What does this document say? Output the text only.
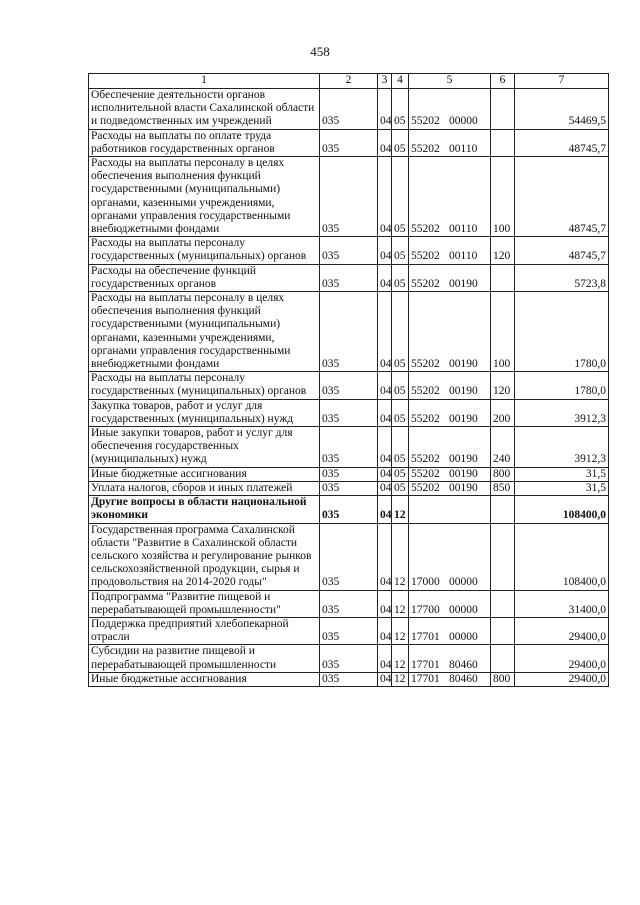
458
1	2	3	4	5	6	7
Обеспечение деятельности органов исполнительной власти Сахалинской области и подведомственных им учреждений	035	04	05	55202 00000		54469,5
Расходы на выплаты по оплате труда работников государственных органов	035	04	05	55202 00110		48745,7
Расходы на выплаты персоналу в целях обеспечения выполнения функций государственными (муниципальными) органами, казенными учреждениями, органами управления государственными внебюджетными фондами	035	04	05	55202 00110	100	48745,7
Расходы на выплаты персоналу государственных (муниципальных) органов	035	04	05	55202 00110	120	48745,7
Расходы на обеспечение функций государственных органов	035	04	05	55202 00190		5723,8
Расходы на выплаты персоналу в целях обеспечения выполнения функций государственными (муниципальными) органами, казенными учреждениями, органами управления государственными внебюджетными фондами	035	04	05	55202 00190	100	1780,0
Расходы на выплаты персоналу государственных (муниципальных) органов	035	04	05	55202 00190	120	1780,0
Закупка товаров, работ и услуг для государственных (муниципальных) нужд	035	04	05	55202 00190	200	3912,3
Иные закупки товаров, работ и услуг для обеспечения государственных (муниципальных) нужд	035	04	05	55202 00190	240	3912,3
Иные бюджетные ассигнования	035	04	05	55202 00190	800	31,5
Уплата налогов, сборов и иных платежей	035	04	05	55202 00190	850	31,5
Другие вопросы в области национальной экономики	035	04	12			108400,0
Государственная программа Сахалинской области "Развитие в Сахалинской области сельского хозяйства и регулирование рынков сельскохозяйственной продукции, сырья и продовольствия на 2014-2020 годы"	035	04	12	17000 00000		108400,0
Подпрограмма "Развитие пищевой и перерабатывающей промышленности"	035	04	12	17700 00000		31400,0
Поддержка предприятий хлебопекарной отрасли	035	04	12	17701 00000		29400,0
Субсидии на развитие пищевой и перерабатывающей промышленности	035	04	12	17701 80460		29400,0
Иные бюджетные ассигнования	035	04	12	17701 80460	800	29400,0
